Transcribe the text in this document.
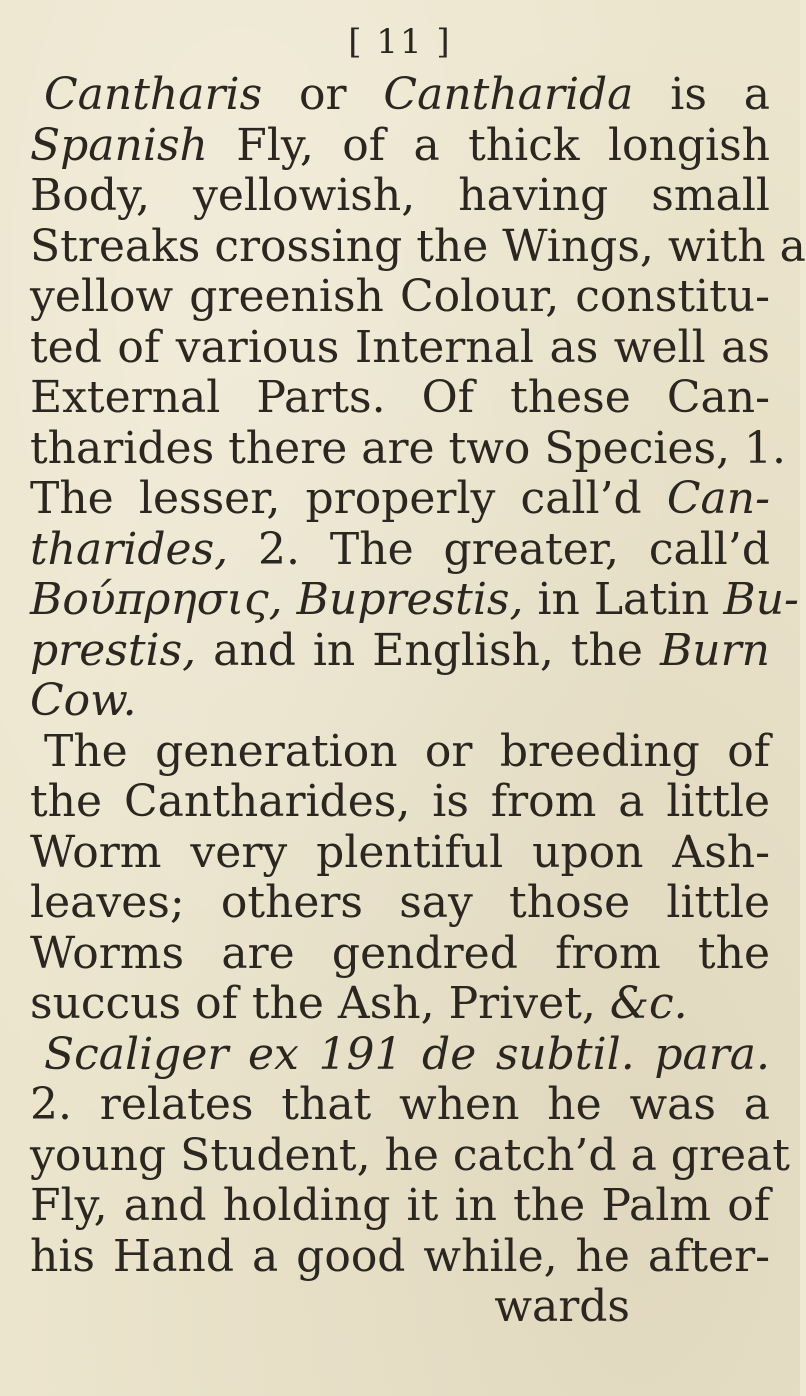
[ 11 ]
Cantharis or Cantharida is a
Spanish Fly, of a thick longish
Body, yellowish, having small
Streaks crossing the Wings, with a
yellow greenish Colour, constitu-
ted of various Internal as well as
External Parts. Of these Can-
tharides there are two Species, 1.
The lesser, properly call’d Can-
tharides, 2. The greater, call’d
Βούπρησις, Buprestis, in Latin Bu-
prestis, and in English, the Burn
Cow.
The generation or breeding of
the Cantharides, is from a little
Worm very plentiful upon Ash-
leaves; others say those little
Worms are gendred from the
succus of the Ash, Privet, &c.
Scaliger ex 191 de subtil. para.
2. relates that when he was a
young Student, he catch’d a great
Fly, and holding it in the Palm of
his Hand a good while, he after-
wards
